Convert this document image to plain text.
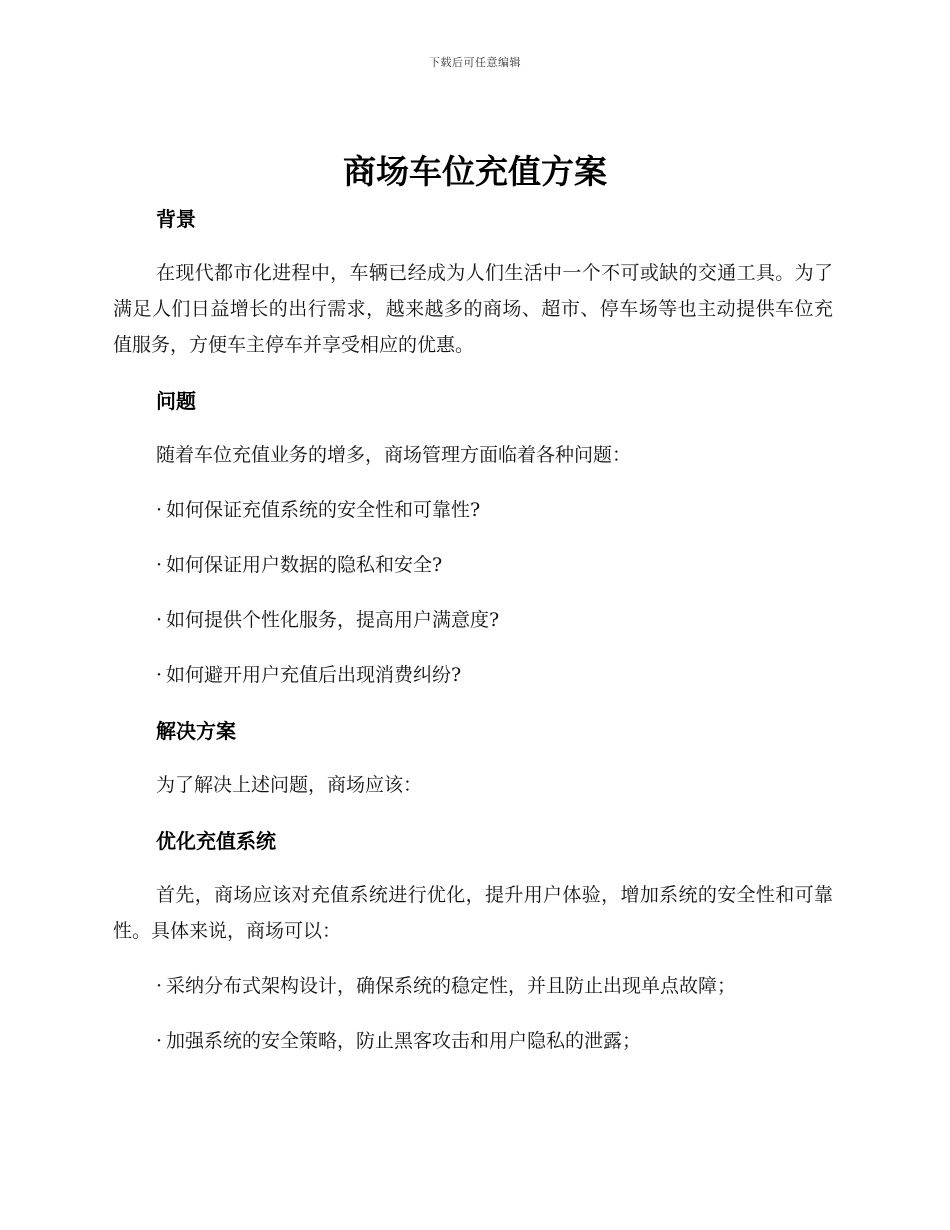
下载后可任意编辑
商场车位充值方案
背景

在现代都市化进程中，车辆已经成为人们生活中一个不可或缺的交通工具。为了满足人们日益增长的出行需求，越来越多的商场、超市、停车场等也主动提供车位充值服务，方便车主停车并享受相应的优惠。

问题

随着车位充值业务的增多，商场管理方面临着各种问题：

· 如何保证充值系统的安全性和可靠性?
· 如何保证用户数据的隐私和安全?
· 如何提供个性化服务，提高用户满意度?
· 如何避开用户充值后出现消费纠纷?
解决方案

为了解决上述问题，商场应该：

优化充值系统

首先，商场应该对充值系统进行优化，提升用户体验，增加系统的安全性和可靠性。具体来说，商场可以：

· 采纳分布式架构设计，确保系统的稳定性，并且防止出现单点故障；
· 加强系统的安全策略，防止黑客攻击和用户隐私的泄露；
